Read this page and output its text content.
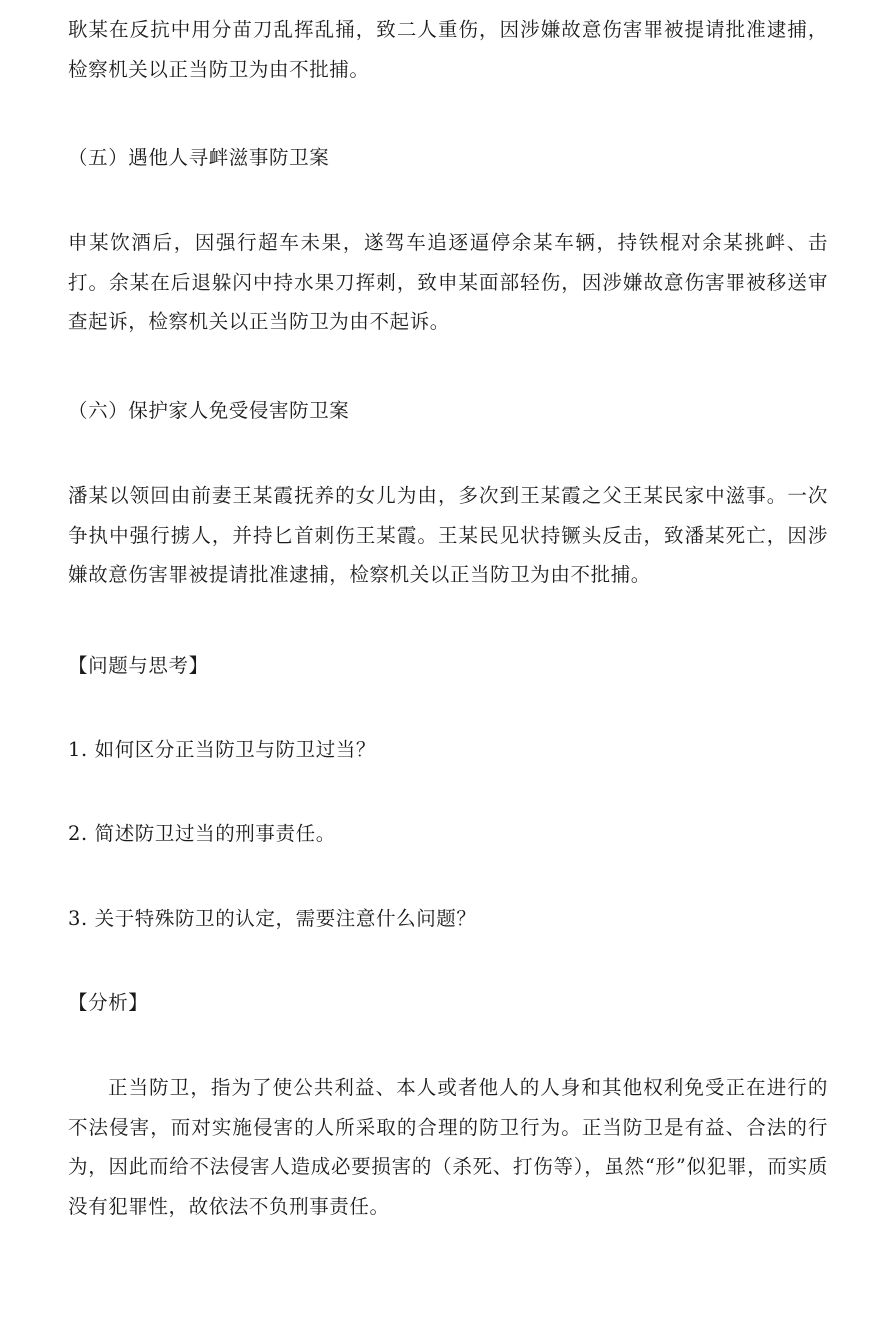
耿某在反抗中用分苗刀乱挥乱捅，致二人重伤，因涉嫌故意伤害罪被提请批准逮捕，检察机关以正当防卫为由不批捕。

（五）遇他人寻衅滋事防卫案

申某饮酒后，因强行超车未果，遂驾车追逐逼停余某车辆，持铁棍对余某挑衅、击打。余某在后退躲闪中持水果刀挥刺，致申某面部轻伤，因涉嫌故意伤害罪被移送审查起诉，检察机关以正当防卫为由不起诉。

（六）保护家人免受侵害防卫案

潘某以领回由前妻王某霞抚养的女儿为由，多次到王某霞之父王某民家中滋事。一次争执中强行掳人，并持匕首刺伤王某霞。王某民见状持镢头反击，致潘某死亡，因涉嫌故意伤害罪被提请批准逮捕，检察机关以正当防卫为由不批捕。

【问题与思考】

1. 如何区分正当防卫与防卫过当？

2. 简述防卫过当的刑事责任。

3. 关于特殊防卫的认定，需要注意什么问题？

【分析】

正当防卫，指为了使公共利益、本人或者他人的人身和其他权利免受正在进行的不法侵害，而对实施侵害的人所采取的合理的防卫行为。正当防卫是有益、合法的行为，因此而给不法侵害人造成必要损害的（杀死、打伤等），虽然“形”似犯罪，而实质没有犯罪性，故依法不负刑事责任。
